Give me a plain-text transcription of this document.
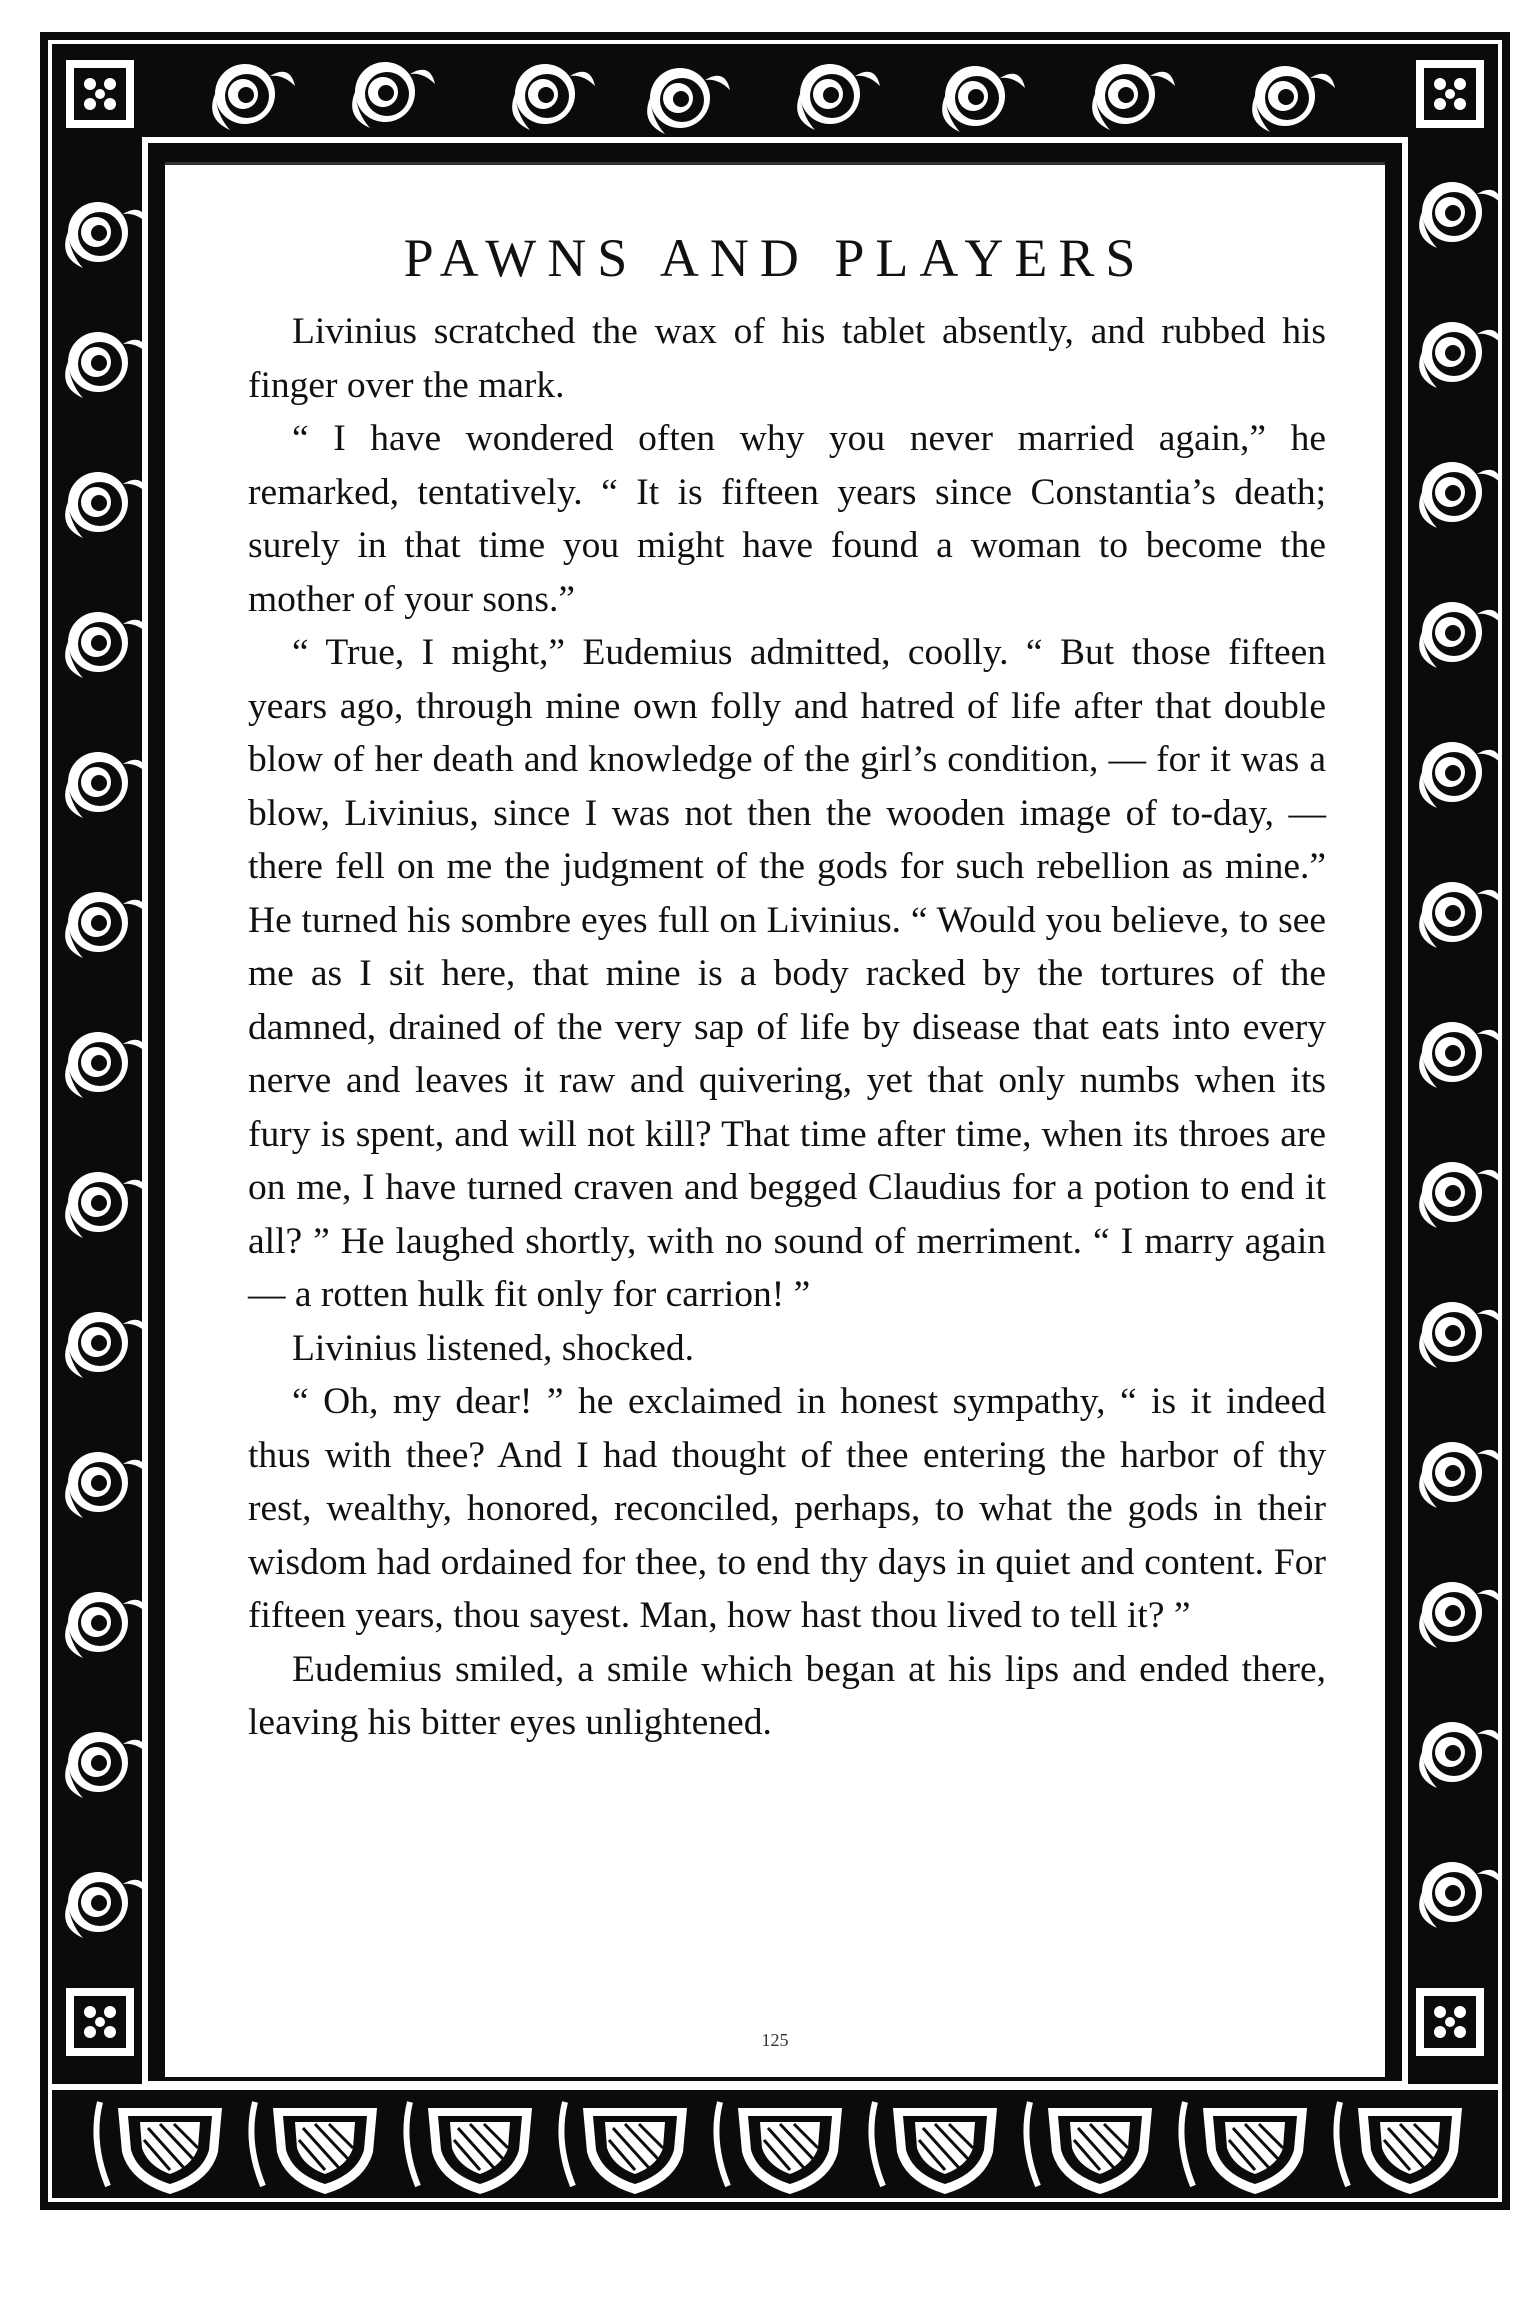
PAWNS AND PLAYERS

Livinius scratched the wax of his tablet absently, and rubbed his finger over the mark.

“ I have wondered often why you never married again,” he remarked, tentatively. “ It is fifteen years since Constantia’s death; surely in that time you might have found a woman to become the mother of your sons.”

“ True, I might,” Eudemius admitted, coolly. “ But those fifteen years ago, through mine own folly and hatred of life after that double blow of her death and knowledge of the girl’s condition, — for it was a blow, Livinius, since I was not then the wooden image of to-day, — there fell on me the judgment of the gods for such rebellion as mine.” He turned his sombre eyes full on Livinius. “ Would you believe, to see me as I sit here, that mine is a body racked by the tortures of the damned, drained of the very sap of life by disease that eats into every nerve and leaves it raw and quivering, yet that only numbs when its fury is spent, and will not kill? That time after time, when its throes are on me, I have turned craven and begged Claudius for a potion to end it all? ” He laughed shortly, with no sound of merriment. “ I marry again — a rotten hulk fit only for carrion! ”

Livinius listened, shocked.

“ Oh, my dear! ” he exclaimed in honest sympathy, “ is it indeed thus with thee? And I had thought of thee entering the harbor of thy rest, wealthy, honored, reconciled, perhaps, to what the gods in their wisdom had ordained for thee, to end thy days in quiet and content. For fifteen years, thou sayest. Man, how hast thou lived to tell it? ”

Eudemius smiled, a smile which began at his lips and ended there, leaving his bitter eyes unlightened.

125
